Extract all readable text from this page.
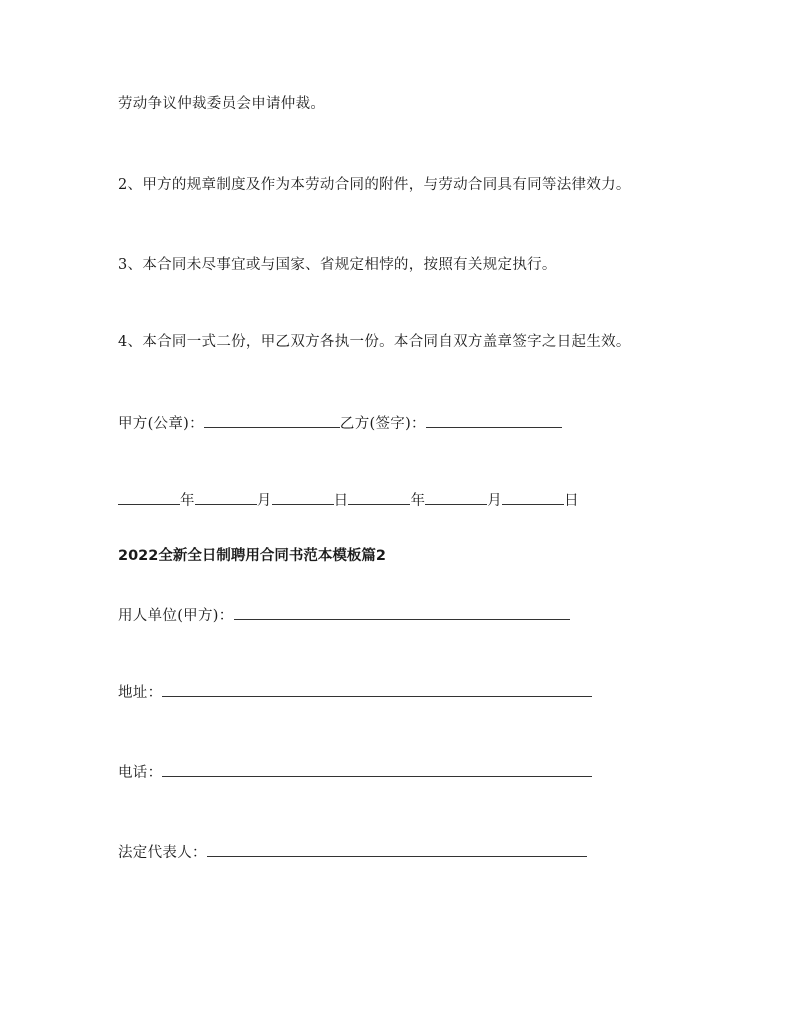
劳动争议仲裁委员会申请仲裁。
2、甲方的规章制度及作为本劳动合同的附件，与劳动合同具有同等法律效力。
3、本合同未尽事宜或与国家、省规定相悖的，按照有关规定执行。
4、本合同一式二份，甲乙双方各执一份。本合同自双方盖章签字之日起生效。
甲方(公章)：	乙方(签字)：
年	月	日	年	月	日
2022全新全日制聘用合同书范本模板篇2
用人单位(甲方)：
地址：
电话：
法定代表人：
